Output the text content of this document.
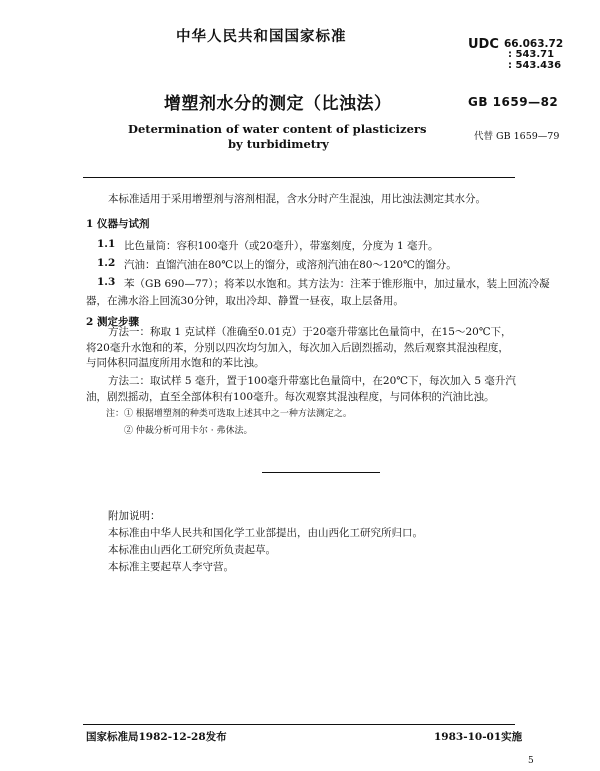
中华人民共和国国家标准	UDC 66.063.72
: 543.71
: 543.436
增塑剂水分的测定（比浊法）	GB 1659—82
Determination of water content of plasticizers
by turbidimetry
代替 GB 1659—79
本标准适用于采用增塑剂与溶剂相混，含水分时产生混浊，用比浊法测定其水分。
1 仪器与试剂
1.1 比色量筒：容积100毫升（或20毫升），带塞刻度，分度为 1 毫升。
1.2 汽油：直馏汽油在80℃以上的馏分，或溶剂汽油在80～120℃的馏分。
1.3 苯（GB 690—77）；将苯以水饱和。其方法为：注苯于锥形瓶中，加过量水，装上回流冷凝
器，在沸水浴上回流30分钟，取出冷却、静置一昼夜，取上层备用。
2 测定步骤

方法一：称取 1 克试样（准确至0.01克）于20毫升带塞比色量筒中，在15～20℃下，将20毫升水饱和的苯，分别以四次均匀加入，每次加入后剧烈摇动，然后观察其混浊程度，与同体积同温度所用水饱和的苯比浊。

方法二：取试样 5 毫升，置于100毫升带塞比色量筒中，在20℃下，每次加入 5 毫升汽油，剧烈摇动，直至全部体积有100毫升。每次观察其混浊程度，与同体积的汽油比浊。

注：① 根据增塑剂的种类可选取上述其中之一种方法测定之。
② 仲裁分析可用卡尔 · 弗休法。
附加说明：
本标准由中华人民共和国化学工业部提出，由山西化工研究所归口。
本标准由山西化工研究所负责起草。
本标准主要起草人李守营。
国家标准局1982-12-28发布	1983-10-01实施
5
